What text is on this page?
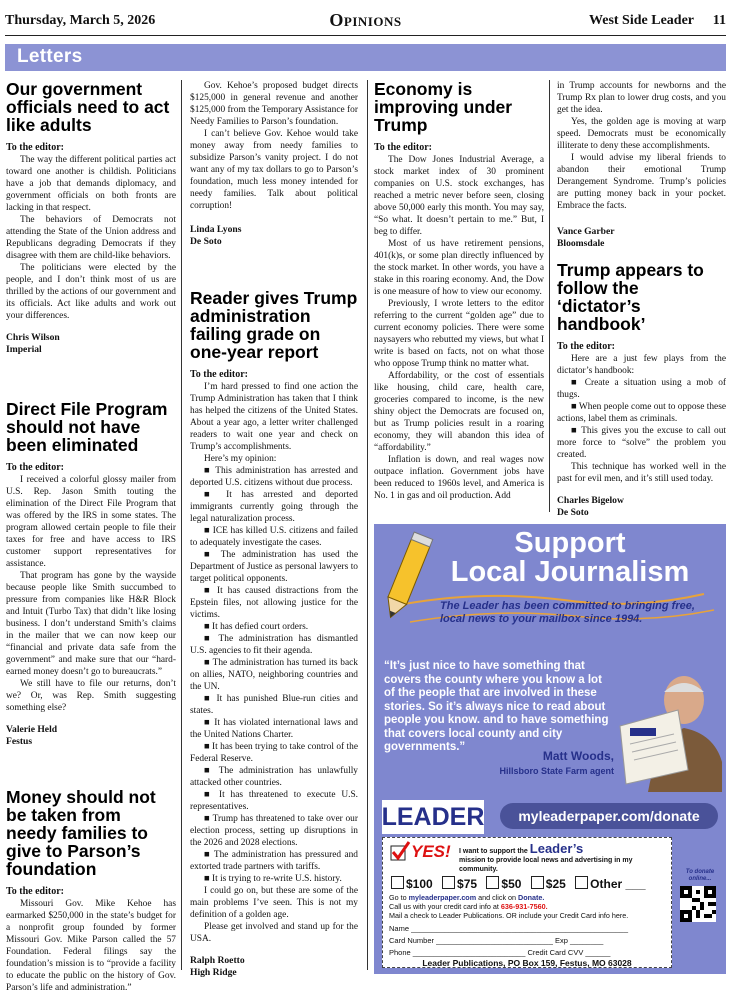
Thursday, March 5, 2026	Opinions	West Side Leader 11
Letters
Our government officials need to act like adults
To the editor:

The way the different political parties act toward one another is childish. Politicians have a job that demands diplomacy, and government officials on both fronts are lacking in that respect.

The behaviors of Democrats not attending the State of the Union address and Republicans degrading Democrats if they disagree with them are child-like behaviors.

The politicians were elected by the people, and I don’t think most of us are thrilled by the actions of our government and its officials. Act like adults and work out your differences.

Chris Wilson
Imperial
Direct File Program should not have been eliminated
To the editor:

I received a colorful glossy mailer from U.S. Rep. Jason Smith touting the elimination of the Direct File Program that was offered by the IRS in some states. The program allowed certain people to file their taxes for free and have access to IRS customer support representatives for assistance.

That program has gone by the wayside because people like Smith succumbed to pressure from companies like H&R Block and Intuit (Turbo Tax) that didn’t like losing business. I don’t understand Smith’s claims in the mailer that we can now keep our “financial and private data safe from the government” and make sure that our “hard-earned money doesn’t go to bureaucrats.”

We still have to file our returns, don’t we? Or, was Rep. Smith suggesting something else?

Valerie Held
Festus
Money should not be taken from needy families to give to Parson’s foundation
To the editor:

Missouri Gov. Mike Kehoe has earmarked $250,000 in the state’s budget for a nonprofit group founded by former Missouri Gov. Mike Parson called the 57 Foundation. Federal filings say the foundation’s mission is to “provide a facility to educate the public on the history of Gov. Parson’s life and administration.”

Gov. Kehoe’s proposed budget directs $125,000 in general revenue and another $125,000 from the Temporary Assistance for Needy Families to Parson’s foundation.

I can’t believe Gov. Kehoe would take money away from needy families to subsidize Parson’s vanity project. I do not want any of my tax dollars to go to Parson’s foundation, much less money intended for needy families. Talk about political corruption!

Linda Lyons
De Soto
Reader gives Trump administration failing grade on one-year report
To the editor:

I’m hard pressed to find one action the Trump Administration has taken that I think has helped the citizens of the United States. About a year ago, a letter writer challenged readers to wait one year and check on Trump’s accomplishments.

Here’s my opinion:

■ This administration has arrested and deported U.S. citizens without due process.

■ It has arrested and deported immigrants currently going through the legal naturalization process.

■ ICE has killed U.S. citizens and failed to adequately investigate the cases.

■ The administration has used the Department of Justice as personal lawyers to target political opponents.

■ It has caused distractions from the Epstein files, not allowing justice for the victims.

■ It has defied court orders.

■ The administration has dismantled U.S. agencies to fit their agenda.

■ The administration has turned its back on allies, NATO, neighboring countries and the UN.

■ It has punished Blue-run cities and states.

■ It has violated international laws and the United Nations Charter.

■ It has been trying to take control of the Federal Reserve.

■ The administration has unlawfully attacked other countries.

■ It has threatened to execute U.S. representatives.

■ Trump has threatened to take over our election process, setting up disruptions in the 2026 and 2028 elections.

■ The administration has pressured and extorted trade partners with tariffs.

■ It is trying to re-write U.S. history.

I could go on, but these are some of the main problems I’ve seen. This is not my definition of a golden age.

Please get involved and stand up for the USA.

Ralph Roetto
High Ridge
Economy is improving under Trump
To the editor:

The Dow Jones Industrial Average, a stock market index of 30 prominent companies on U.S. stock exchanges, has reached a metric never before seen, closing above 50,000 early this month. You may say, “So what. It doesn’t pertain to me.” But, I beg to differ.

Most of us have retirement pensions, 401(k)s, or some plan directly influenced by the stock market. In other words, you have a stake in this roaring economy. And, the Dow is one measure of how to view our economy.

Previously, I wrote letters to the editor referring to the current “golden age” due to current economy policies. There were some naysayers who rebutted my views, but what I write is based on facts, not on what those who oppose Trump think no matter what.

Affordability, or the cost of essentials like housing, child care, health care, groceries compared to income, is the new shiny object the Democrats are focused on, but as Trump policies result in a roaring economy, they will abandon this idea of “affordability.”

Inflation is down, and real wages now outpace inflation. Government jobs have been reduced to 1960s level, and America is No. 1 in gas and oil production. Add

in Trump accounts for newborns and the Trump Rx plan to lower drug costs, and you get the idea.

Yes, the golden age is moving at warp speed. Democrats must be economically illiterate to deny these accomplishments.

I would advise my liberal friends to abandon their emotional Trump Derangement Syndrome. Trump’s policies are putting money back in your pocket. Embrace the facts.

Vance Garber
Bloomsdale
Trump appears to follow the ‘dictator’s handbook’
To the editor:

Here are a just few plays from the dictator’s handbook:

■ Create a situation using a mob of thugs.

■ When people come out to oppose these actions, label them as criminals.

■ This gives you the excuse to call out more force to “solve” the problem you created.

This technique has worked well in the past for evil men, and it’s still used today.

Charles Bigelow
De Soto
Support
Local Journalism
The Leader has been committed to bringing free, local news to your mailbox since 1994.
“It’s just nice to have something that covers the county where you know a lot of the people that are involved in these stories. So it’s always nice to read about people you know. and to have something that covers local county and city governments.”
Matt Woods,
Hillsboro State Farm agent
LEADER	myleaderpaper.com/donate
YES! I want to support the Leader’s
mission to provide local news and advertising in my community.
$100 $75 $50 $25 Other ___
Go to myleaderpaper.com and click on Donate.
Call us with your credit card info at 636-931-7560.
Mail a check to Leader Publications. OR include your Credit Card info here.
Name ____________________________________________________
Card Number ____________________________ Exp ________
Phone ___________________________ Credit Card CVV ______
Leader Publications, PO Box 159, Festus, MO 63028
To donate online...
